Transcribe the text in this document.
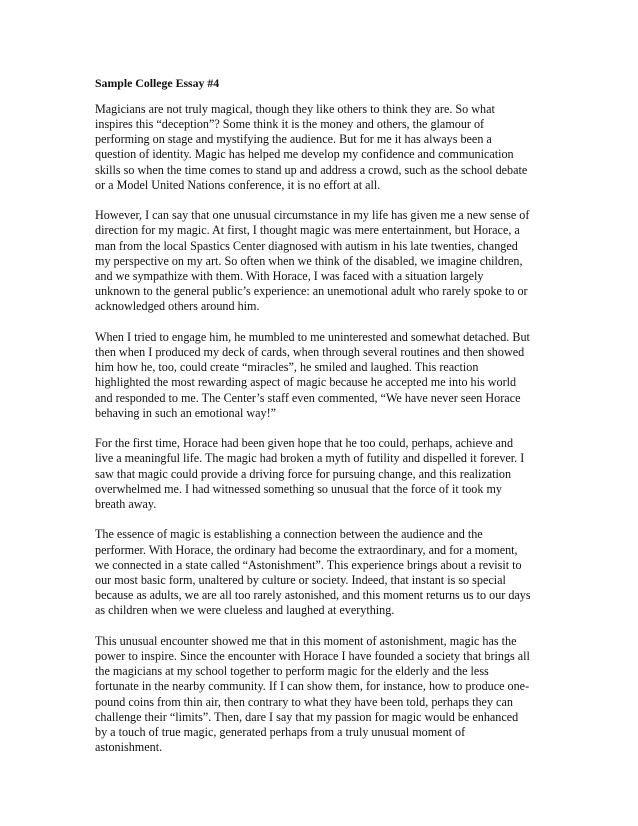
Sample College Essay #4

Magicians are not truly magical, though they like others to think they are. So what
inspires this “deception”? Some think it is the money and others, the glamour of
performing on stage and mystifying the audience. But for me it has always been a
question of identity. Magic has helped me develop my confidence and communication
skills so when the time comes to stand up and address a crowd, such as the school debate
or a Model United Nations conference, it is no effort at all.

However, I can say that one unusual circumstance in my life has given me a new sense of
direction for my magic. At first, I thought magic was mere entertainment, but Horace, a
man from the local Spastics Center diagnosed with autism in his late twenties, changed
my perspective on my art. So often when we think of the disabled, we imagine children,
and we sympathize with them. With Horace, I was faced with a situation largely
unknown to the general public’s experience: an unemotional adult who rarely spoke to or
acknowledged others around him.

When I tried to engage him, he mumbled to me uninterested and somewhat detached. But
then when I produced my deck of cards, when through several routines and then showed
him how he, too, could create “miracles”, he smiled and laughed. This reaction
highlighted the most rewarding aspect of magic because he accepted me into his world
and responded to me. The Center’s staff even commented, “We have never seen Horace
behaving in such an emotional way!”

For the first time, Horace had been given hope that he too could, perhaps, achieve and
live a meaningful life. The magic had broken a myth of futility and dispelled it forever. I
saw that magic could provide a driving force for pursuing change, and this realization
overwhelmed me. I had witnessed something so unusual that the force of it took my
breath away.

The essence of magic is establishing a connection between the audience and the
performer. With Horace, the ordinary had become the extraordinary, and for a moment,
we connected in a state called “Astonishment”. This experience brings about a revisit to
our most basic form, unaltered by culture or society. Indeed, that instant is so special
because as adults, we are all too rarely astonished, and this moment returns us to our days
as children when we were clueless and laughed at everything.

This unusual encounter showed me that in this moment of astonishment, magic has the
power to inspire. Since the encounter with Horace I have founded a society that brings all
the magicians at my school together to perform magic for the elderly and the less
fortunate in the nearby community. If I can show them, for instance, how to produce one-
pound coins from thin air, then contrary to what they have been told, perhaps they can
challenge their “limits”. Then, dare I say that my passion for magic would be enhanced
by a touch of true magic, generated perhaps from a truly unusual moment of
astonishment.
